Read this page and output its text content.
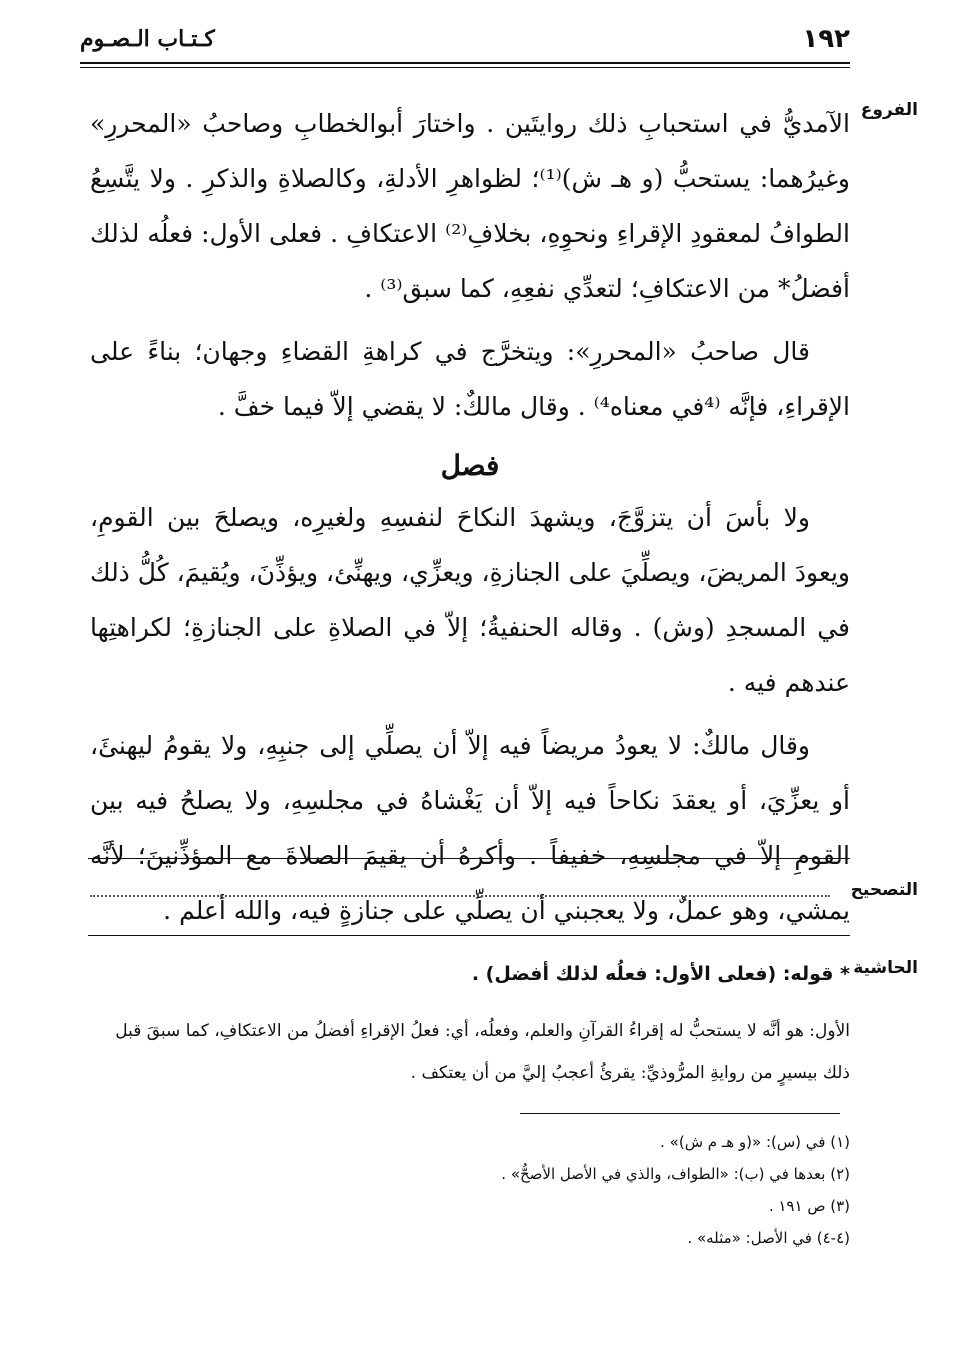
١٩٢
كـتـاب الـصـوم
الفروع

الآمديُّ في استحبابِ ذلك روايتَين . واختارَ أبوالخطابِ وصاحبُ «المحررِ» وغيرُهما: يستحبُّ (و هـ ش)⁽¹⁾؛ لظواهرِ الأدلةِ، وكالصلاةِ والذكرِ . ولا يتَّسِعُ الطوافُ لمعقودِ الإقراءِ ونحوِهِ، بخلافِ⁽²⁾ الاعتكافِ . فعلى الأول: فعلُه لذلك أفضلُ* من الاعتكافِ؛ لتعدِّي نفعِهِ، كما سبق⁽³⁾ .

قال صاحبُ «المحررِ»: ويتخرَّج في كراهةِ القضاءِ وجهان؛ بناءً على الإقراءِ، فإنَّه ⁽⁴في معناه⁴⁾ . وقال مالكٌ: لا يقضي إلاّ فيما خفَّ .

فصل

ولا بأسَ أن يتزوَّجَ، ويشهدَ النكاحَ لنفسِهِ ولغيرِه، ويصلحَ بين القومِ، ويعودَ المريضَ، ويصلِّيَ على الجنازةِ، ويعزِّي، ويهنِّئ، ويؤذِّنَ، ويُقيمَ، كُلُّ ذلك في المسجدِ (وش) . وقاله الحنفيةُ؛ إلاّ في الصلاةِ على الجنازةِ؛ لكراهتِها عندهم فيه .

وقال مالكٌ: لا يعودُ مريضاً فيه إلاّ أن يصلِّي إلى جنبِهِ، ولا يقومُ ليهنئَ، أو يعزِّيَ، أو يعقدَ نكاحاً فيه إلاّ أن يَغْشاهُ في مجلسِهِ، ولا يصلحُ فيه بين القومِ إلاّ في مجلسِهِ، خفيفاً . وأكرهُ أن يقيمَ الصلاةَ مع المؤذِّنينَ؛ لأنَّه يمشي، وهو عملٌ، ولا يعجبني أن يصلِّي على جنازةٍ فيه، والله أعلم .

التصحيح
الحاشية
* قوله: (فعلى الأول: فعلُه لذلك أفضل) .
الأول: هو أنَّه لا يستحبُّ له إقراءُ القرآنِ والعلم، وفعلُه، أي: فعلُ الإقراءِ أفضلُ من الاعتكافِ، كما سبقَ قبل ذلك بيسيرٍ من روايةِ المرُّوذيِّ: يقرئُ أعجبُ إليَّ من أن يعتكف .
(١) في (س): «(و هـ م ش)» .
(٢) بعدها في (ب): «الطواف، والذي في الأصل الأصحُّ» .
(٣) ص ١٩١ .
(٤-٤) في الأصل: «مثله» .
